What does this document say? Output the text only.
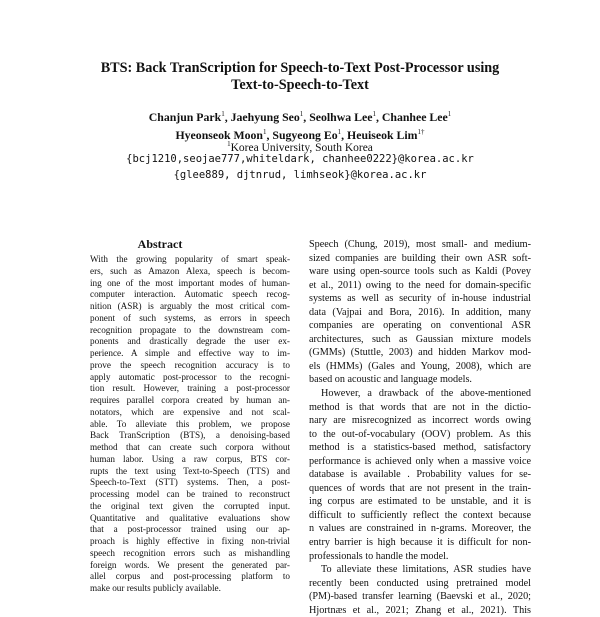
BTS: Back TranScription for Speech-to-Text Post-Processor using
Text-to-Speech-to-Text
Chanjun Park$^1$, Jaehyung Seo$^1$, Seolhwa Lee$^1$, Chanhee Lee$^1$
Hyeonseok Moon$^1$, Sugyeong Eo$^1$, Heuiseok Lim$^{1\dagger}$
$^1$Korea University, South Korea
{bcj1210,seojae777,whiteldark, chanhee0222}@korea.ac.kr
{glee889, djtnrud, limhseok}@korea.ac.kr
Abstract
With the growing popularity of smart speak-
ers, such as Amazon Alexa, speech is becom-
ing one of the most important modes of human-
computer interaction. Automatic speech recog-
nition (ASR) is arguably the most critical com-
ponent of such systems, as errors in speech
recognition propagate to the downstream com-
ponents and drastically degrade the user ex-
perience. A simple and effective way to im-
prove the speech recognition accuracy is to
apply automatic post-processor to the recogni-
tion result. However, training a post-processor
requires parallel corpora created by human an-
notators, which are expensive and not scal-
able. To alleviate this problem, we propose
Back TranScription (BTS), a denoising-based
method that can create such corpora without
human labor. Using a raw corpus, BTS cor-
rupts the text using Text-to-Speech (TTS) and
Speech-to-Text (STT) systems. Then, a post-
processing model can be trained to reconstruct
the original text given the corrupted input.
Quantitative and qualitative evaluations show
that a post-processor trained using our ap-
proach is highly effective in fixing non-trivial
speech recognition errors such as mishandling
foreign words. We present the generated par-
allel corpus and post-processing platform to
make our results publicly available.
Speech (Chung, 2019), most small- and medium-
sized companies are building their own ASR soft-
ware using open-source tools such as Kaldi (Povey
et al., 2011) owing to the need for domain-specific
systems as well as security of in-house industrial
data (Vajpai and Bora, 2016). In addition, many
companies are operating on conventional ASR
architectures, such as Gaussian mixture models
(GMMs) (Stuttle, 2003) and hidden Markov mod-
els (HMMs) (Gales and Young, 2008), which are
based on acoustic and language models.
However, a drawback of the above-mentioned
method is that words that are not in the dictio-
nary are misrecognized as incorrect words owing
to the out-of-vocabulary (OOV) problem. As this
method is a statistics-based method, satisfactory
performance is achieved only when a massive voice
database is available . Probability values for se-
quences of words that are not present in the train-
ing corpus are estimated to be unstable, and it is
difficult to sufficiently reflect the context because
n values are constrained in n-grams. Moreover, the
entry barrier is high because it is difficult for non-
professionals to handle the model.
To alleviate these limitations, ASR studies have
recently been conducted using pretrained model
(PM)-based transfer learning (Baevski et al., 2020;
Hjortnæs et al., 2021; Zhang et al., 2021). This
